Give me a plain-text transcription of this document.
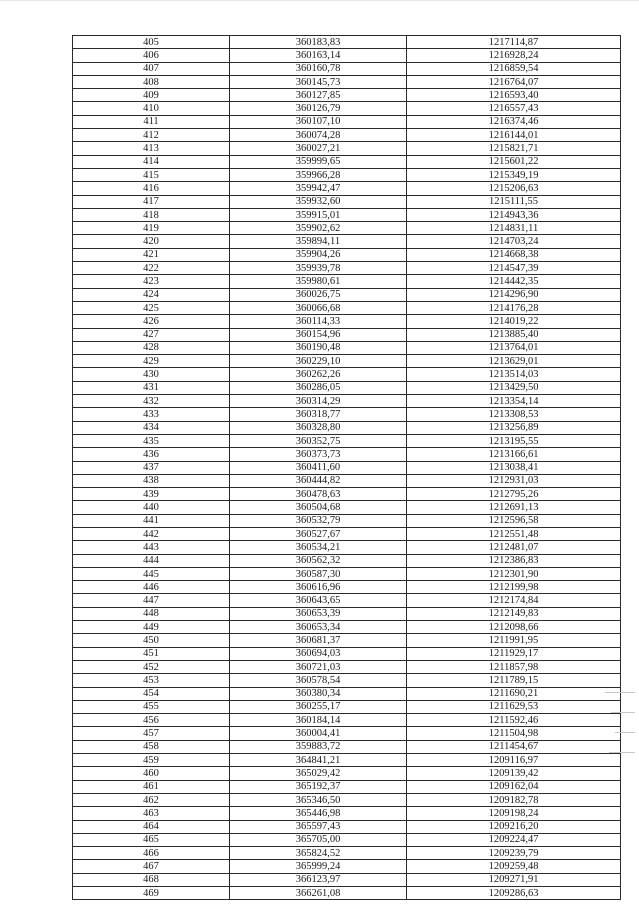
405	360183,83	1217114,87
406	360163,14	1216928,24
407	360160,78	1216859,54
408	360145,73	1216764,07
409	360127,85	1216593,40
410	360126,79	1216557,43
411	360107,10	1216374,46
412	360074,28	1216144,01
413	360027,21	1215821,71
414	359999,65	1215601,22
415	359966,28	1215349,19
416	359942,47	1215206,63
417	359932,60	1215111,55
418	359915,01	1214943,36
419	359902,62	1214831,11
420	359894,11	1214703,24
421	359904,26	1214668,38
422	359939,78	1214547,39
423	359980,61	1214442,35
424	360026,75	1214296,90
425	360066,68	1214176,28
426	360114,33	1214019,22
427	360154,96	1213885,40
428	360190,48	1213764,01
429	360229,10	1213629,01
430	360262,26	1213514,03
431	360286,05	1213429,50
432	360314,29	1213354,14
433	360318,77	1213308,53
434	360328,80	1213256,89
435	360352,75	1213195,55
436	360373,73	1213166,61
437	360411,60	1213038,41
438	360444,82	1212931,03
439	360478,63	1212795,26
440	360504,68	1212691,13
441	360532,79	1212596,58
442	360527,67	1212551,48
443	360534,21	1212481,07
444	360562,32	1212386,83
445	360587,30	1212301,90
446	360616,96	1212199,98
447	360643,65	1212174,84
448	360653,39	1212149,83
449	360653,34	1212098,66
450	360681,37	1211991,95
451	360694,03	1211929,17
452	360721,03	1211857,98
453	360578,54	1211789,15
454	360380,34	1211690,21
455	360255,17	1211629,53
456	360184,14	1211592,46
457	360004,41	1211504,98
458	359883,72	1211454,67
459	364841,21	1209116,97
460	365029,42	1209139,42
461	365192,37	1209162,04
462	365346,50	1209182,78
463	365446,98	1209198,24
464	365597,43	1209216,20
465	365705,00	1209224,47
466	365824,52	1209239,79
467	365999,24	1209259,48
468	366123,97	1209271,91
469	366261,08	1209286,63
